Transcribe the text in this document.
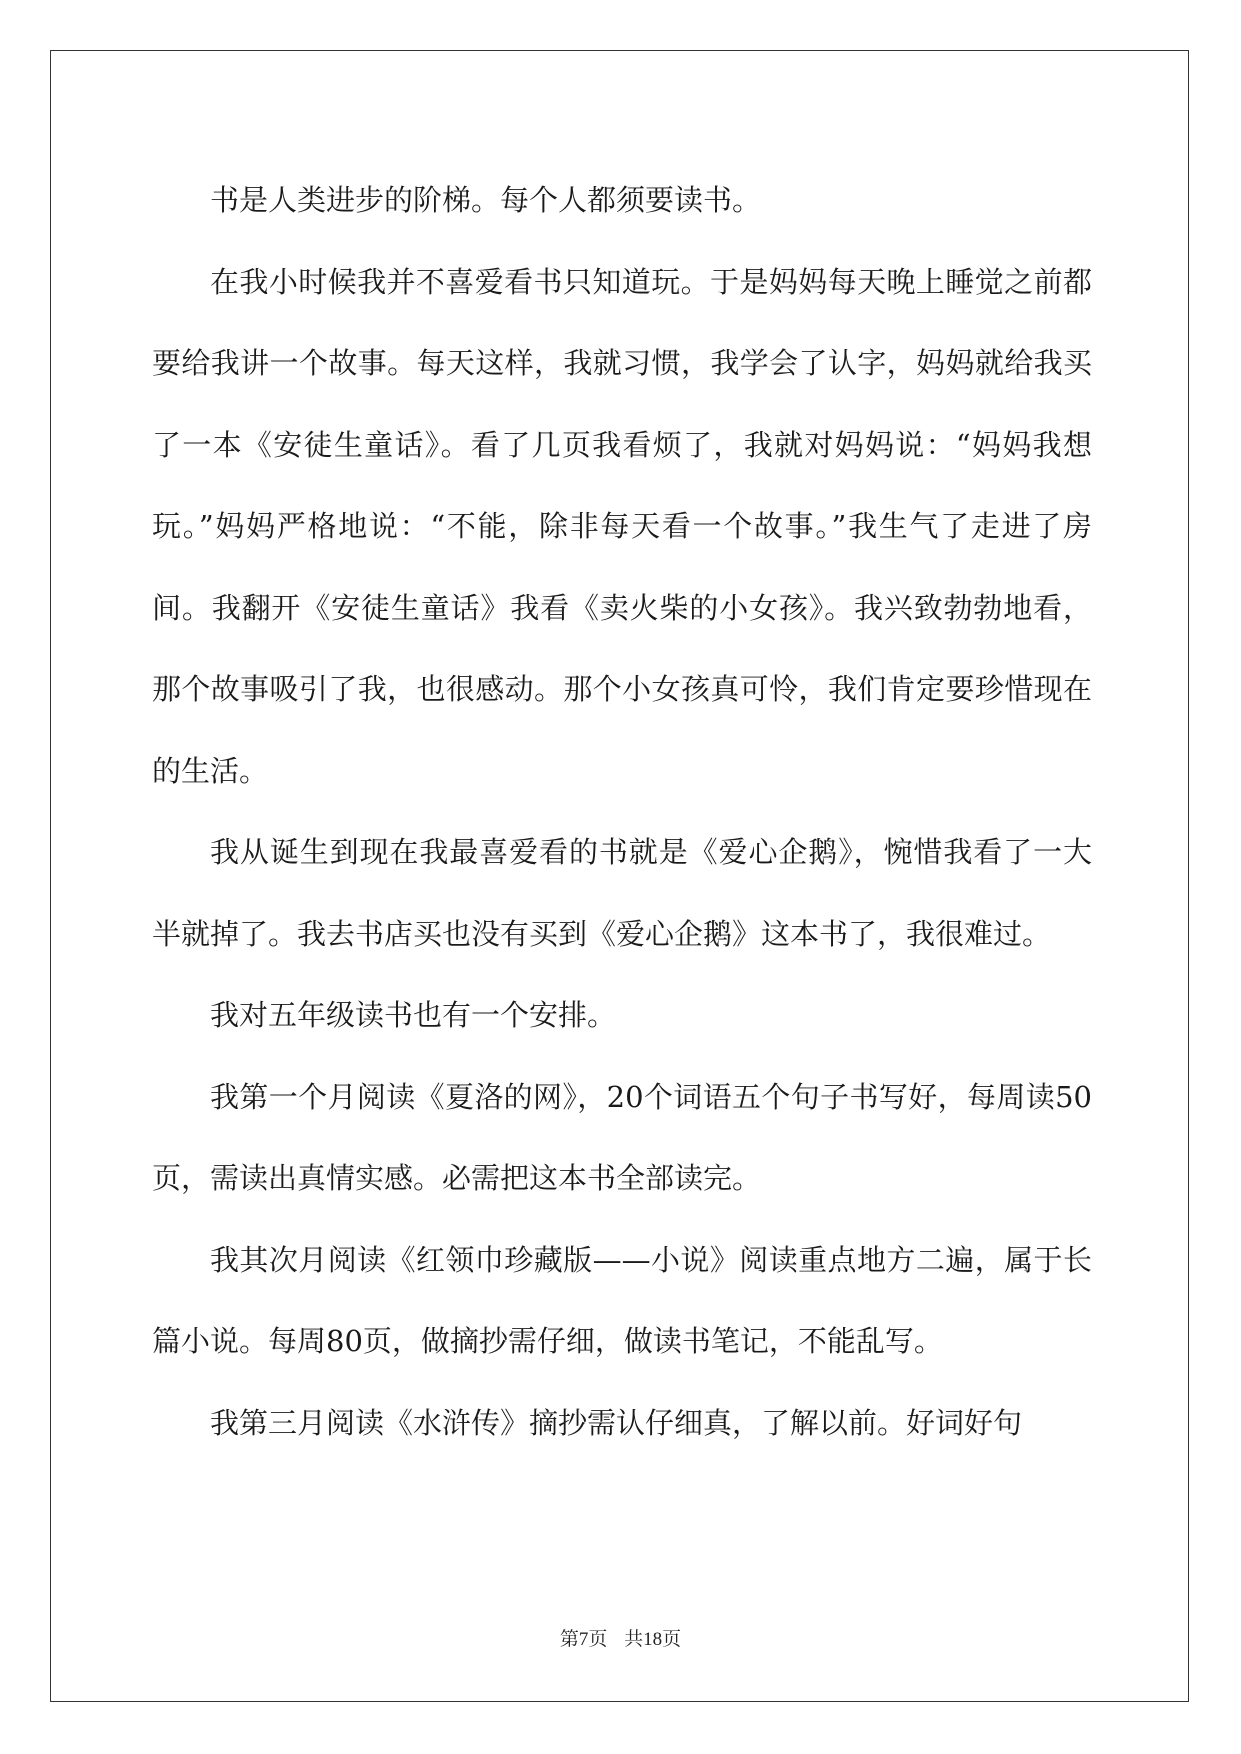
书是人类进步的阶梯。每个人都须要读书。

在我小时候我并不喜爱看书只知道玩。于是妈妈每天晚上睡觉之前都要给我讲一个故事。每天这样，我就习惯，我学会了认字，妈妈就给我买了一本《安徒生童话》。看了几页我看烦了，我就对妈妈说：“妈妈我想玩。”妈妈严格地说：“不能，除非每天看一个故事。”我生气了走进了房间。我翻开《安徒生童话》我看《卖火柴的小女孩》。我兴致勃勃地看，那个故事吸引了我，也很感动。那个小女孩真可怜，我们肯定要珍惜现在的生活。

我从诞生到现在我最喜爱看的书就是《爱心企鹅》，惋惜我看了一大半就掉了。我去书店买也没有买到《爱心企鹅》这本书了，我很难过。

我对五年级读书也有一个安排。

我第一个月阅读《夏洛的网》，20个词语五个句子书写好，每周读50页，需读出真情实感。必需把这本书全部读完。

我其次月阅读《红领巾珍藏版——小说》阅读重点地方二遍，属于长篇小说。每周80页，做摘抄需仔细，做读书笔记，不能乱写。

我第三月阅读《水浒传》摘抄需认仔细真，了解以前。好词好句

第7页 共18页
